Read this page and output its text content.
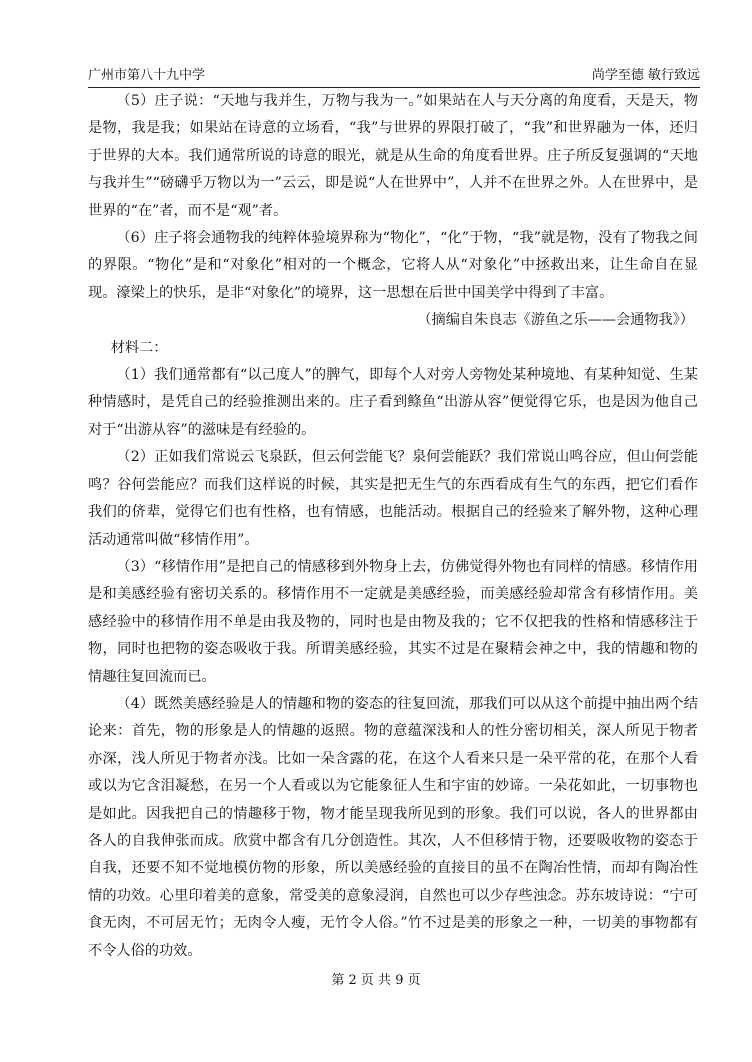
广州市第八十九中学	尚学至德 敏行致远

（5）庄子说：“天地与我并生，万物与我为一。”如果站在人与天分离的角度看，天是天，物是物，我是我；如果站在诗意的立场看，“我”与世界的界限打破了，“我”和世界融为一体，还归于世界的大本。我们通常所说的诗意的眼光，就是从生命的角度看世界。庄子所反复强调的“天地与我并生”“磅礴乎万物以为一”云云，即是说“人在世界中”，人并不在世界之外。人在世界中，是世界的“在”者，而不是“观”者。

（6）庄子将会通物我的纯粹体验境界称为“物化”，“化”于物，“我”就是物，没有了物我之间的界限。“物化”是和“对象化”相对的一个概念，它将人从“对象化”中拯救出来，让生命自在显现。濠梁上的快乐，是非“对象化”的境界，这一思想在后世中国美学中得到了丰富。

（摘编自朱良志《游鱼之乐——会通物我》）

材料二：

（1）我们通常都有“以己度人”的脾气，即每个人对旁人旁物处某种境地、有某种知觉、生某种情感时，是凭自己的经验推测出来的。庄子看到鲦鱼“出游从容”便觉得它乐，也是因为他自己对于“出游从容”的滋味是有经验的。

（2）正如我们常说云飞泉跃，但云何尝能飞？泉何尝能跃？我们常说山鸣谷应，但山何尝能鸣？谷何尝能应？而我们这样说的时候，其实是把无生气的东西看成有生气的东西，把它们看作我们的侪辈，觉得它们也有性格，也有情感，也能活动。根据自己的经验来了解外物，这种心理活动通常叫做“移情作用”。

（3）“移情作用”是把自己的情感移到外物身上去，仿佛觉得外物也有同样的情感。移情作用是和美感经验有密切关系的。移情作用不一定就是美感经验，而美感经验却常含有移情作用。美感经验中的移情作用不单是由我及物的，同时也是由物及我的；它不仅把我的性格和情感移注于物，同时也把物的姿态吸收于我。所谓美感经验，其实不过是在聚精会神之中，我的情趣和物的情趣往复回流而已。

（4）既然美感经验是人的情趣和物的姿态的往复回流，那我们可以从这个前提中抽出两个结论来：首先，物的形象是人的情趣的返照。物的意蕴深浅和人的性分密切相关，深人所见于物者亦深，浅人所见于物者亦浅。比如一朵含露的花，在这个人看来只是一朵平常的花，在那个人看或以为它含泪凝愁，在另一个人看或以为它能象征人生和宇宙的妙谛。一朵花如此，一切事物也是如此。因我把自己的情趣移于物，物才能呈现我所见到的形象。我们可以说，各人的世界都由各人的自我伸张而成。欣赏中都含有几分创造性。其次，人不但移情于物，还要吸收物的姿态于自我，还要不知不觉地模仿物的形象，所以美感经验的直接目的虽不在陶冶性情，而却有陶冶性情的功效。心里印着美的意象，常受美的意象浸润，自然也可以少存些浊念。苏东坡诗说：“宁可食无肉，不可居无竹；无肉令人瘦，无竹令人俗。”竹不过是美的形象之一种，一切美的事物都有不令人俗的功效。

第 2 页 共 9 页
